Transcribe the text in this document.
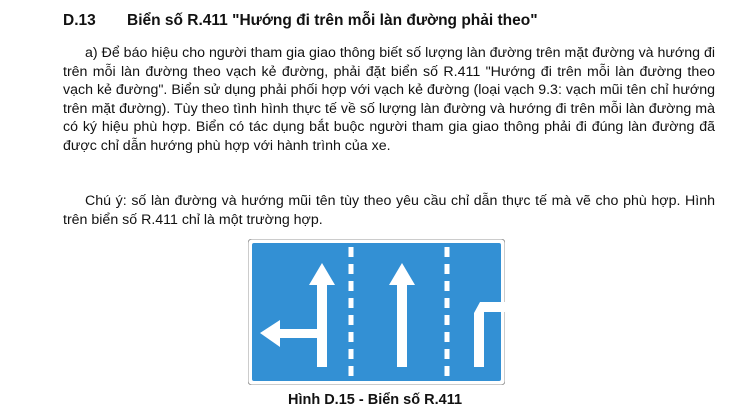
D.13 Biển số R.411 "Hướng đi trên mỗi làn đường phải theo"

a) Để báo hiệu cho người tham gia giao thông biết số lượng làn đường trên mặt đường và hướng đi trên mỗi làn đường theo vạch kẻ đường, phải đặt biển số R.411 "Hướng đi trên mỗi làn đường theo vạch kẻ đường". Biển sử dụng phải phối hợp với vạch kẻ đường (loại vạch 9.3: vạch mũi tên chỉ hướng trên mặt đường). Tùy theo tình hình thực tế về số lượng làn đường và hướng đi trên mỗi làn đường mà có ký hiệu phù hợp. Biển có tác dụng bắt buộc người tham gia giao thông phải đi đúng làn đường đã được chỉ dẫn hướng phù hợp với hành trình của xe.

Chú ý: số làn đường và hướng mũi tên tùy theo yêu cầu chỉ dẫn thực tế mà vẽ cho phù hợp. Hình trên biển số R.411 chỉ là một trường hợp.

Hình D.15 - Biển số R.411
